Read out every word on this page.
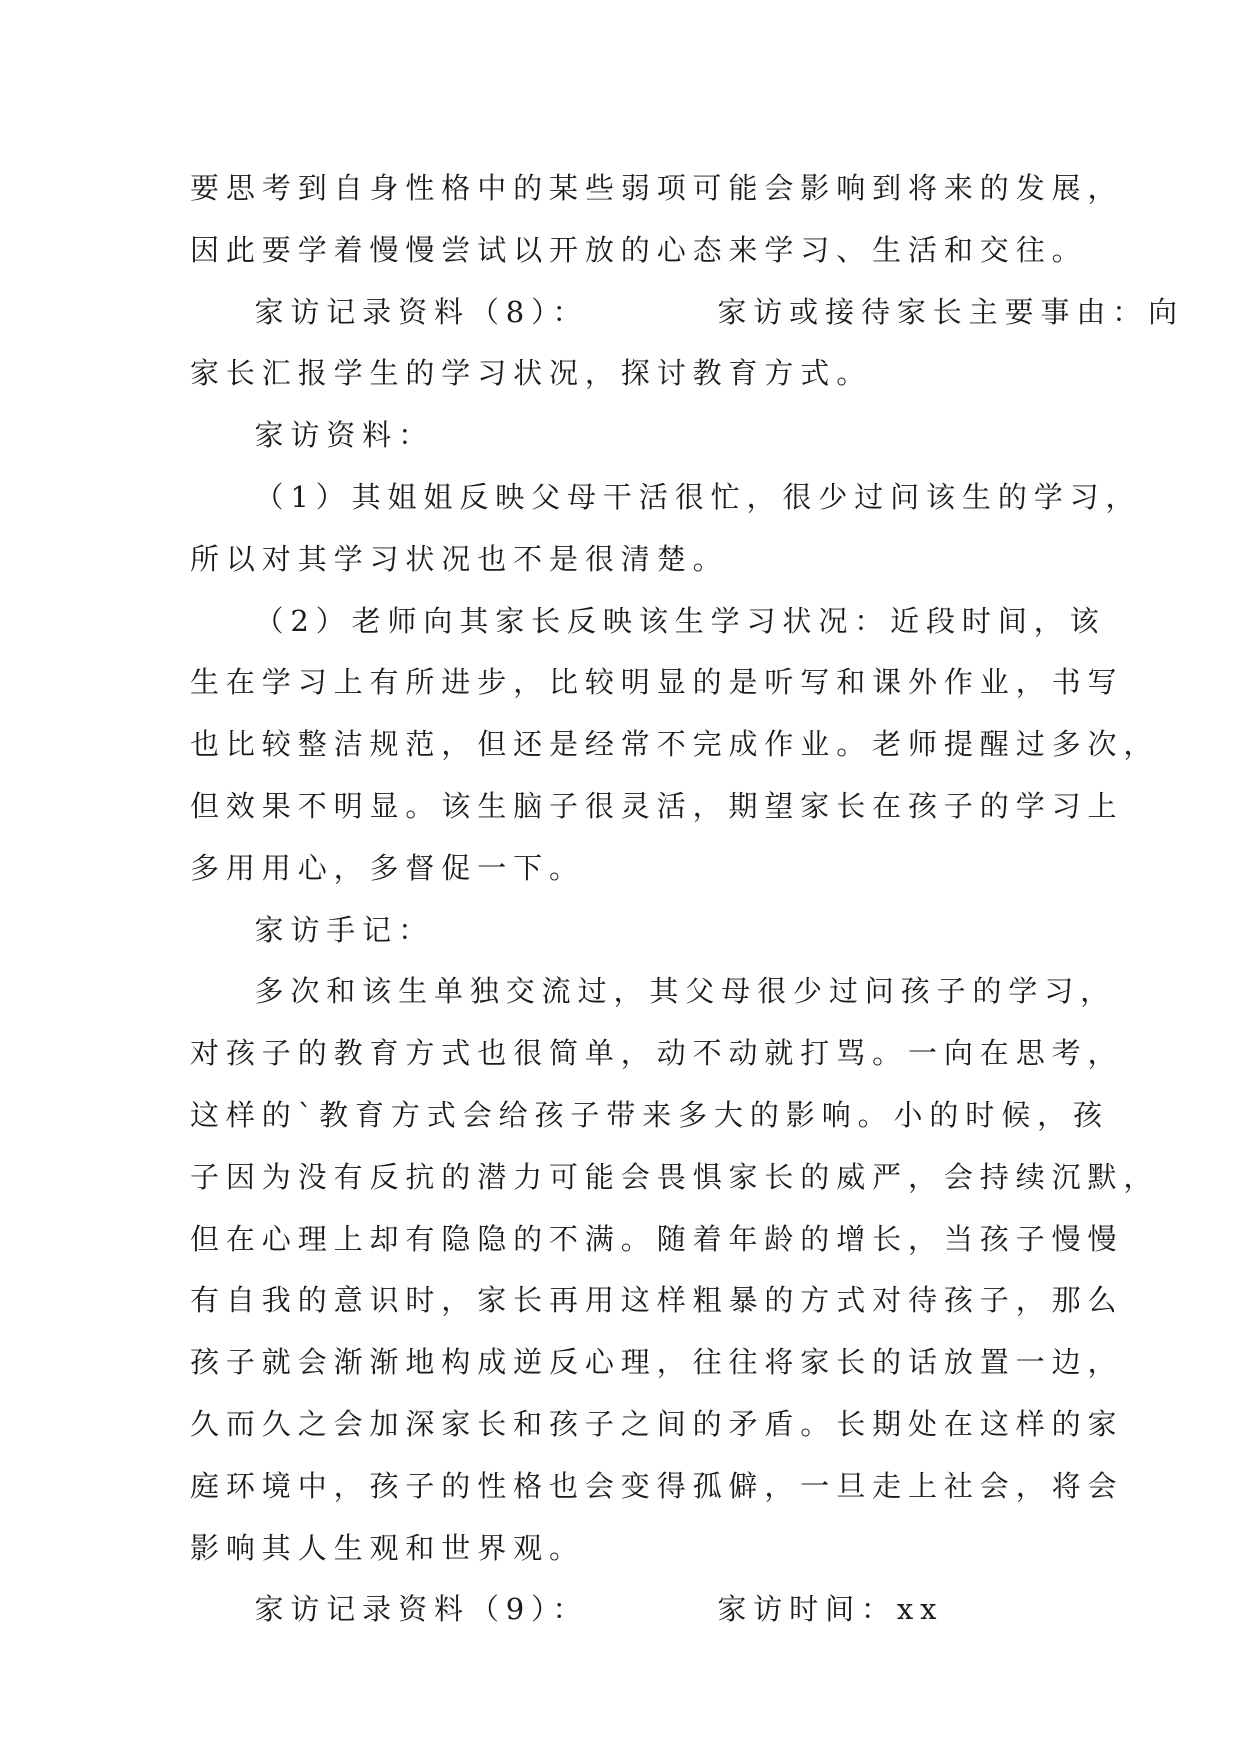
要思考到自身性格中的某些弱项可能会影响到将来的发展，
因此要学着慢慢尝试以开放的心态来学习、生活和交往。
家访记录资料（8）：        家访或接待家长主要事由：向
家长汇报学生的学习状况，探讨教育方式。
家访资料：
（1）其姐姐反映父母干活很忙，很少过问该生的学习，
所以对其学习状况也不是很清楚。
（2）老师向其家长反映该生学习状况：近段时间，该
生在学习上有所进步，比较明显的是听写和课外作业，书写
也比较整洁规范，但还是经常不完成作业。老师提醒过多次，
但效果不明显。该生脑子很灵活，期望家长在孩子的学习上
多用用心，多督促一下。
家访手记：
多次和该生单独交流过，其父母很少过问孩子的学习，
对孩子的教育方式也很简单，动不动就打骂。一向在思考，
这样的`教育方式会给孩子带来多大的影响。小的时候，孩
子因为没有反抗的潜力可能会畏惧家长的威严，会持续沉默，
但在心理上却有隐隐的不满。随着年龄的增长，当孩子慢慢
有自我的意识时，家长再用这样粗暴的方式对待孩子，那么
孩子就会渐渐地构成逆反心理，往往将家长的话放置一边，
久而久之会加深家长和孩子之间的矛盾。长期处在这样的家
庭环境中，孩子的性格也会变得孤僻，一旦走上社会，将会
影响其人生观和世界观。
家访记录资料（9）：        家访时间：xx
